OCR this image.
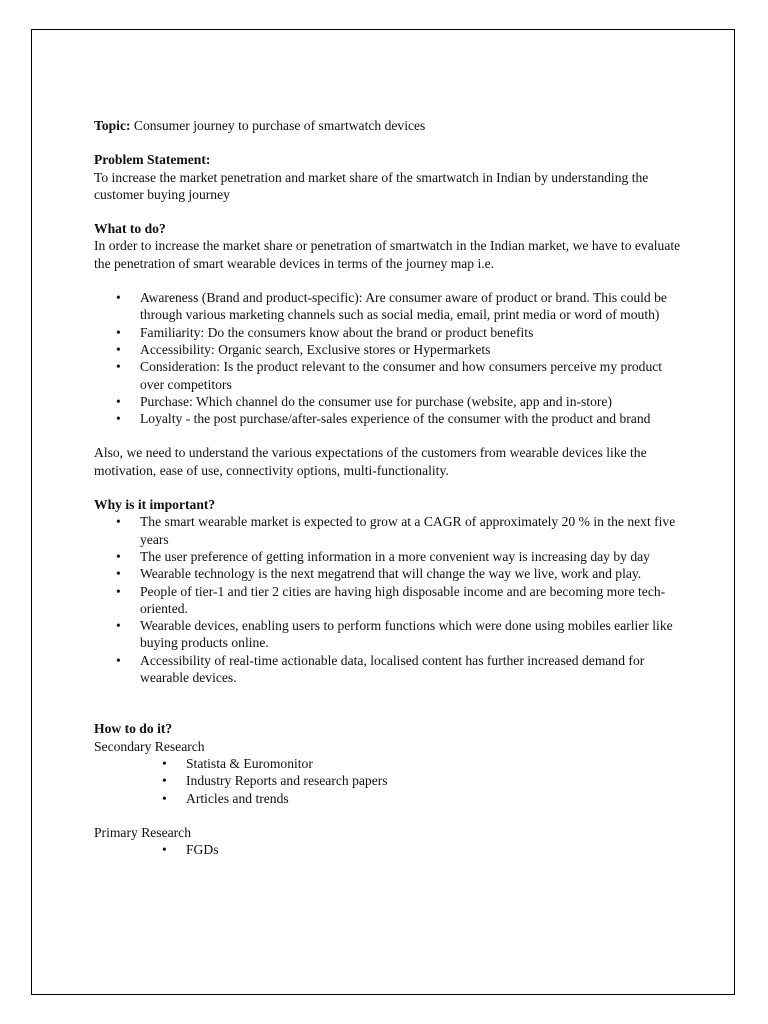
Topic: Consumer journey to purchase of smartwatch devices

Problem Statement:

To increase the market penetration and market share of the smartwatch in Indian by understanding the customer buying journey

What to do?

In order to increase the market share or penetration of smartwatch in the Indian market, we have to evaluate the penetration of smart wearable devices in terms of the journey map i.e.

• Awareness (Brand and product-specific): Are consumer aware of product or brand. This could be through various marketing channels such as social media, email, print media or word of mouth)
• Familiarity: Do the consumers know about the brand or product benefits
• Accessibility: Organic search, Exclusive stores or Hypermarkets
• Consideration: Is the product relevant to the consumer and how consumers perceive my product over competitors
• Purchase: Which channel do the consumer use for purchase (website, app and in-store)
• Loyalty - the post purchase/after-sales experience of the consumer with the product and brand

Also, we need to understand the various expectations of the customers from wearable devices like the motivation, ease of use, connectivity options, multi-functionality.

Why is it important?

• The smart wearable market is expected to grow at a CAGR of approximately 20 % in the next five years
• The user preference of getting information in a more convenient way is increasing day by day
• Wearable technology is the next megatrend that will change the way we live, work and play.
• People of tier-1 and tier 2 cities are having high disposable income and are becoming more tech-oriented.
• Wearable devices, enabling users to perform functions which were done using mobiles earlier like buying products online.
• Accessibility of real-time actionable data, localised content has further increased demand for wearable devices.

How to do it?

Secondary Research

• Statista & Euromonitor
• Industry Reports and research papers
• Articles and trends

Primary Research

• FGDs
